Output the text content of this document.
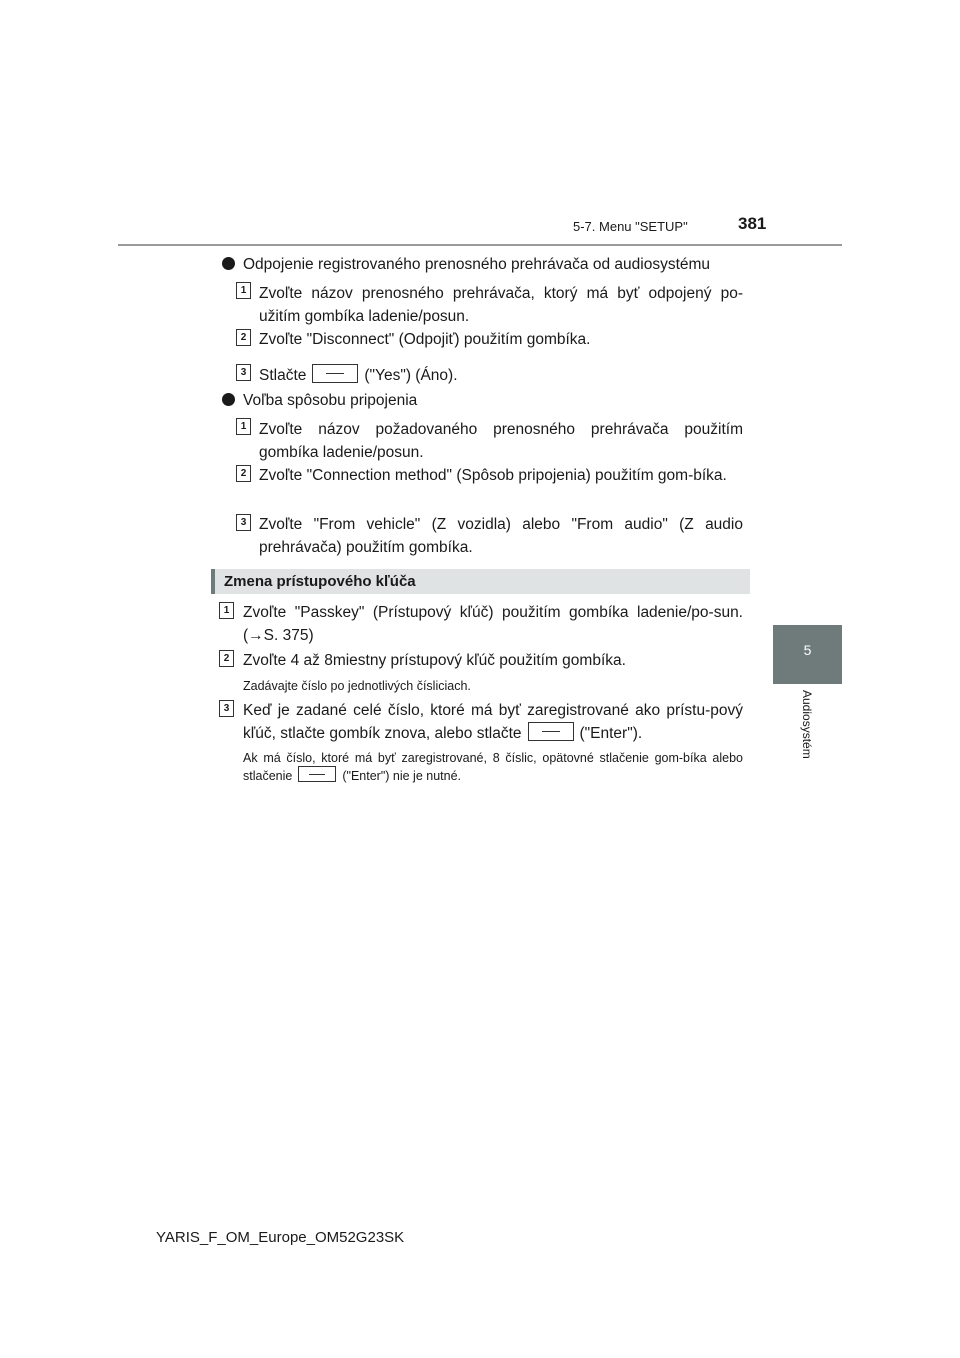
5-7. Menu "SETUP"	381
5
Audiosystém
Odpojenie registrovaného prenosného prehrávača od audiosystému
1 Zvoľte názov prenosného prehrávača, ktorý má byť odpojený po-užitím gombíka ladenie/posun.
2 Zvoľte "Disconnect" (Odpojiť) použitím gombíka.
3 Stlačte	("Yes") (Áno).
Voľba spôsobu pripojenia
1 Zvoľte názov požadovaného prenosného prehrávača použitím gombíka ladenie/posun.
2 Zvoľte "Connection method" (Spôsob pripojenia) použitím gom-bíka.
3 Zvoľte "From vehicle" (Z vozidla) alebo "From audio" (Z audio prehrávača) použitím gombíka.
Zmena prístupového kľúča
1 Zvoľte "Passkey" (Prístupový kľúč) použitím gombíka ladenie/po-sun. (→S. 375)
2 Zvoľte 4 až 8miestny prístupový kľúč použitím gombíka.
Zadávajte číslo po jednotlivých čísliciach.
3 Keď je zadané celé číslo, ktoré má byť zaregistrované ako prístu-pový kľúč, stlačte gombík znova, alebo stlačte	("Enter").
Ak má číslo, ktoré má byť zaregistrované, 8 číslic, opätovné stlačenie gom-bíka alebo stlačenie	("Enter") nie je nutné.
YARIS_F_OM_Europe_OM52G23SK
